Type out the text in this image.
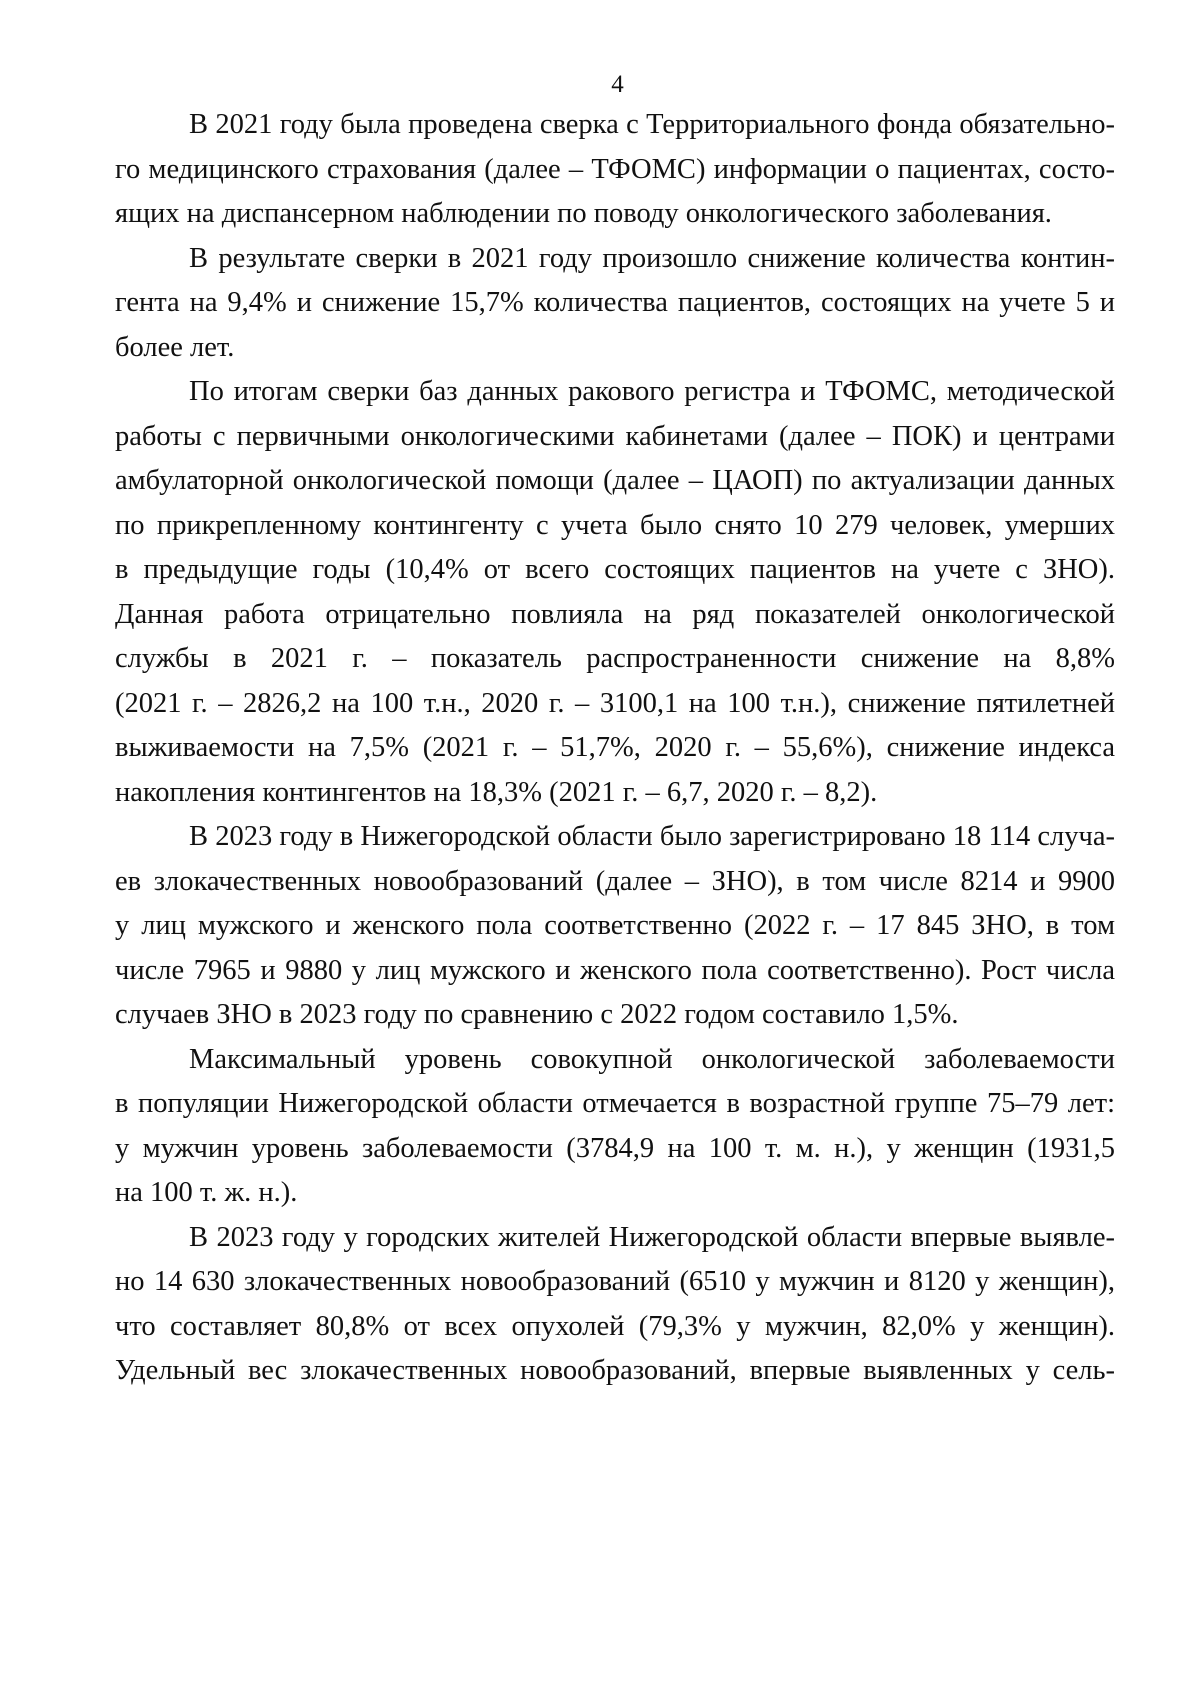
4
В 2021 году была проведена сверка с Территориального фонда обязательно-
го медицинского страхования (далее – ТФОМС) информации о пациентах, состо-
ящих на диспансерном наблюдении по поводу онкологического заболевания.
В результате сверки в 2021 году произошло снижение количества контин-
гента на 9,4% и снижение 15,7% количества пациентов, состоящих на учете 5 и
более лет.
По итогам сверки баз данных ракового регистра и ТФОМС, методической
работы с первичными онкологическими кабинетами (далее – ПОК) и центрами
амбулаторной онкологической помощи (далее – ЦАОП) по актуализации данных
по прикрепленному контингенту с учета было снято 10 279 человек, умерших
в предыдущие годы (10,4% от всего состоящих пациентов на учете с ЗНО).
Данная работа отрицательно повлияла на ряд показателей онкологической
службы в 2021 г. – показатель распространенности снижение на 8,8%
(2021 г. – 2826,2 на 100 т.н., 2020 г. – 3100,1 на 100 т.н.), снижение пятилетней
выживаемости на 7,5% (2021 г. – 51,7%, 2020 г. – 55,6%), снижение индекса
накопления контингентов на 18,3% (2021 г. – 6,7, 2020 г. – 8,2).
В 2023 году в Нижегородской области было зарегистрировано 18 114 случа-
ев злокачественных новообразований (далее – ЗНО), в том числе 8214 и 9900
у лиц мужского и женского пола соответственно (2022 г. – 17 845 ЗНО, в том
числе 7965 и 9880 у лиц мужского и женского пола соответственно). Рост числа
случаев ЗНО в 2023 году по сравнению с 2022 годом составило 1,5%.
Максимальный уровень совокупной онкологической заболеваемости
в популяции Нижегородской области отмечается в возрастной группе 75–79 лет:
у мужчин уровень заболеваемости (3784,9 на 100 т. м. н.), у женщин (1931,5
на 100 т. ж. н.).
В 2023 году у городских жителей Нижегородской области впервые выявле-
но 14 630 злокачественных новообразований (6510 у мужчин и 8120 у женщин),
что составляет 80,8% от всех опухолей (79,3% у мужчин, 82,0% у женщин).
Удельный вес злокачественных новообразований, впервые выявленных у сель-
